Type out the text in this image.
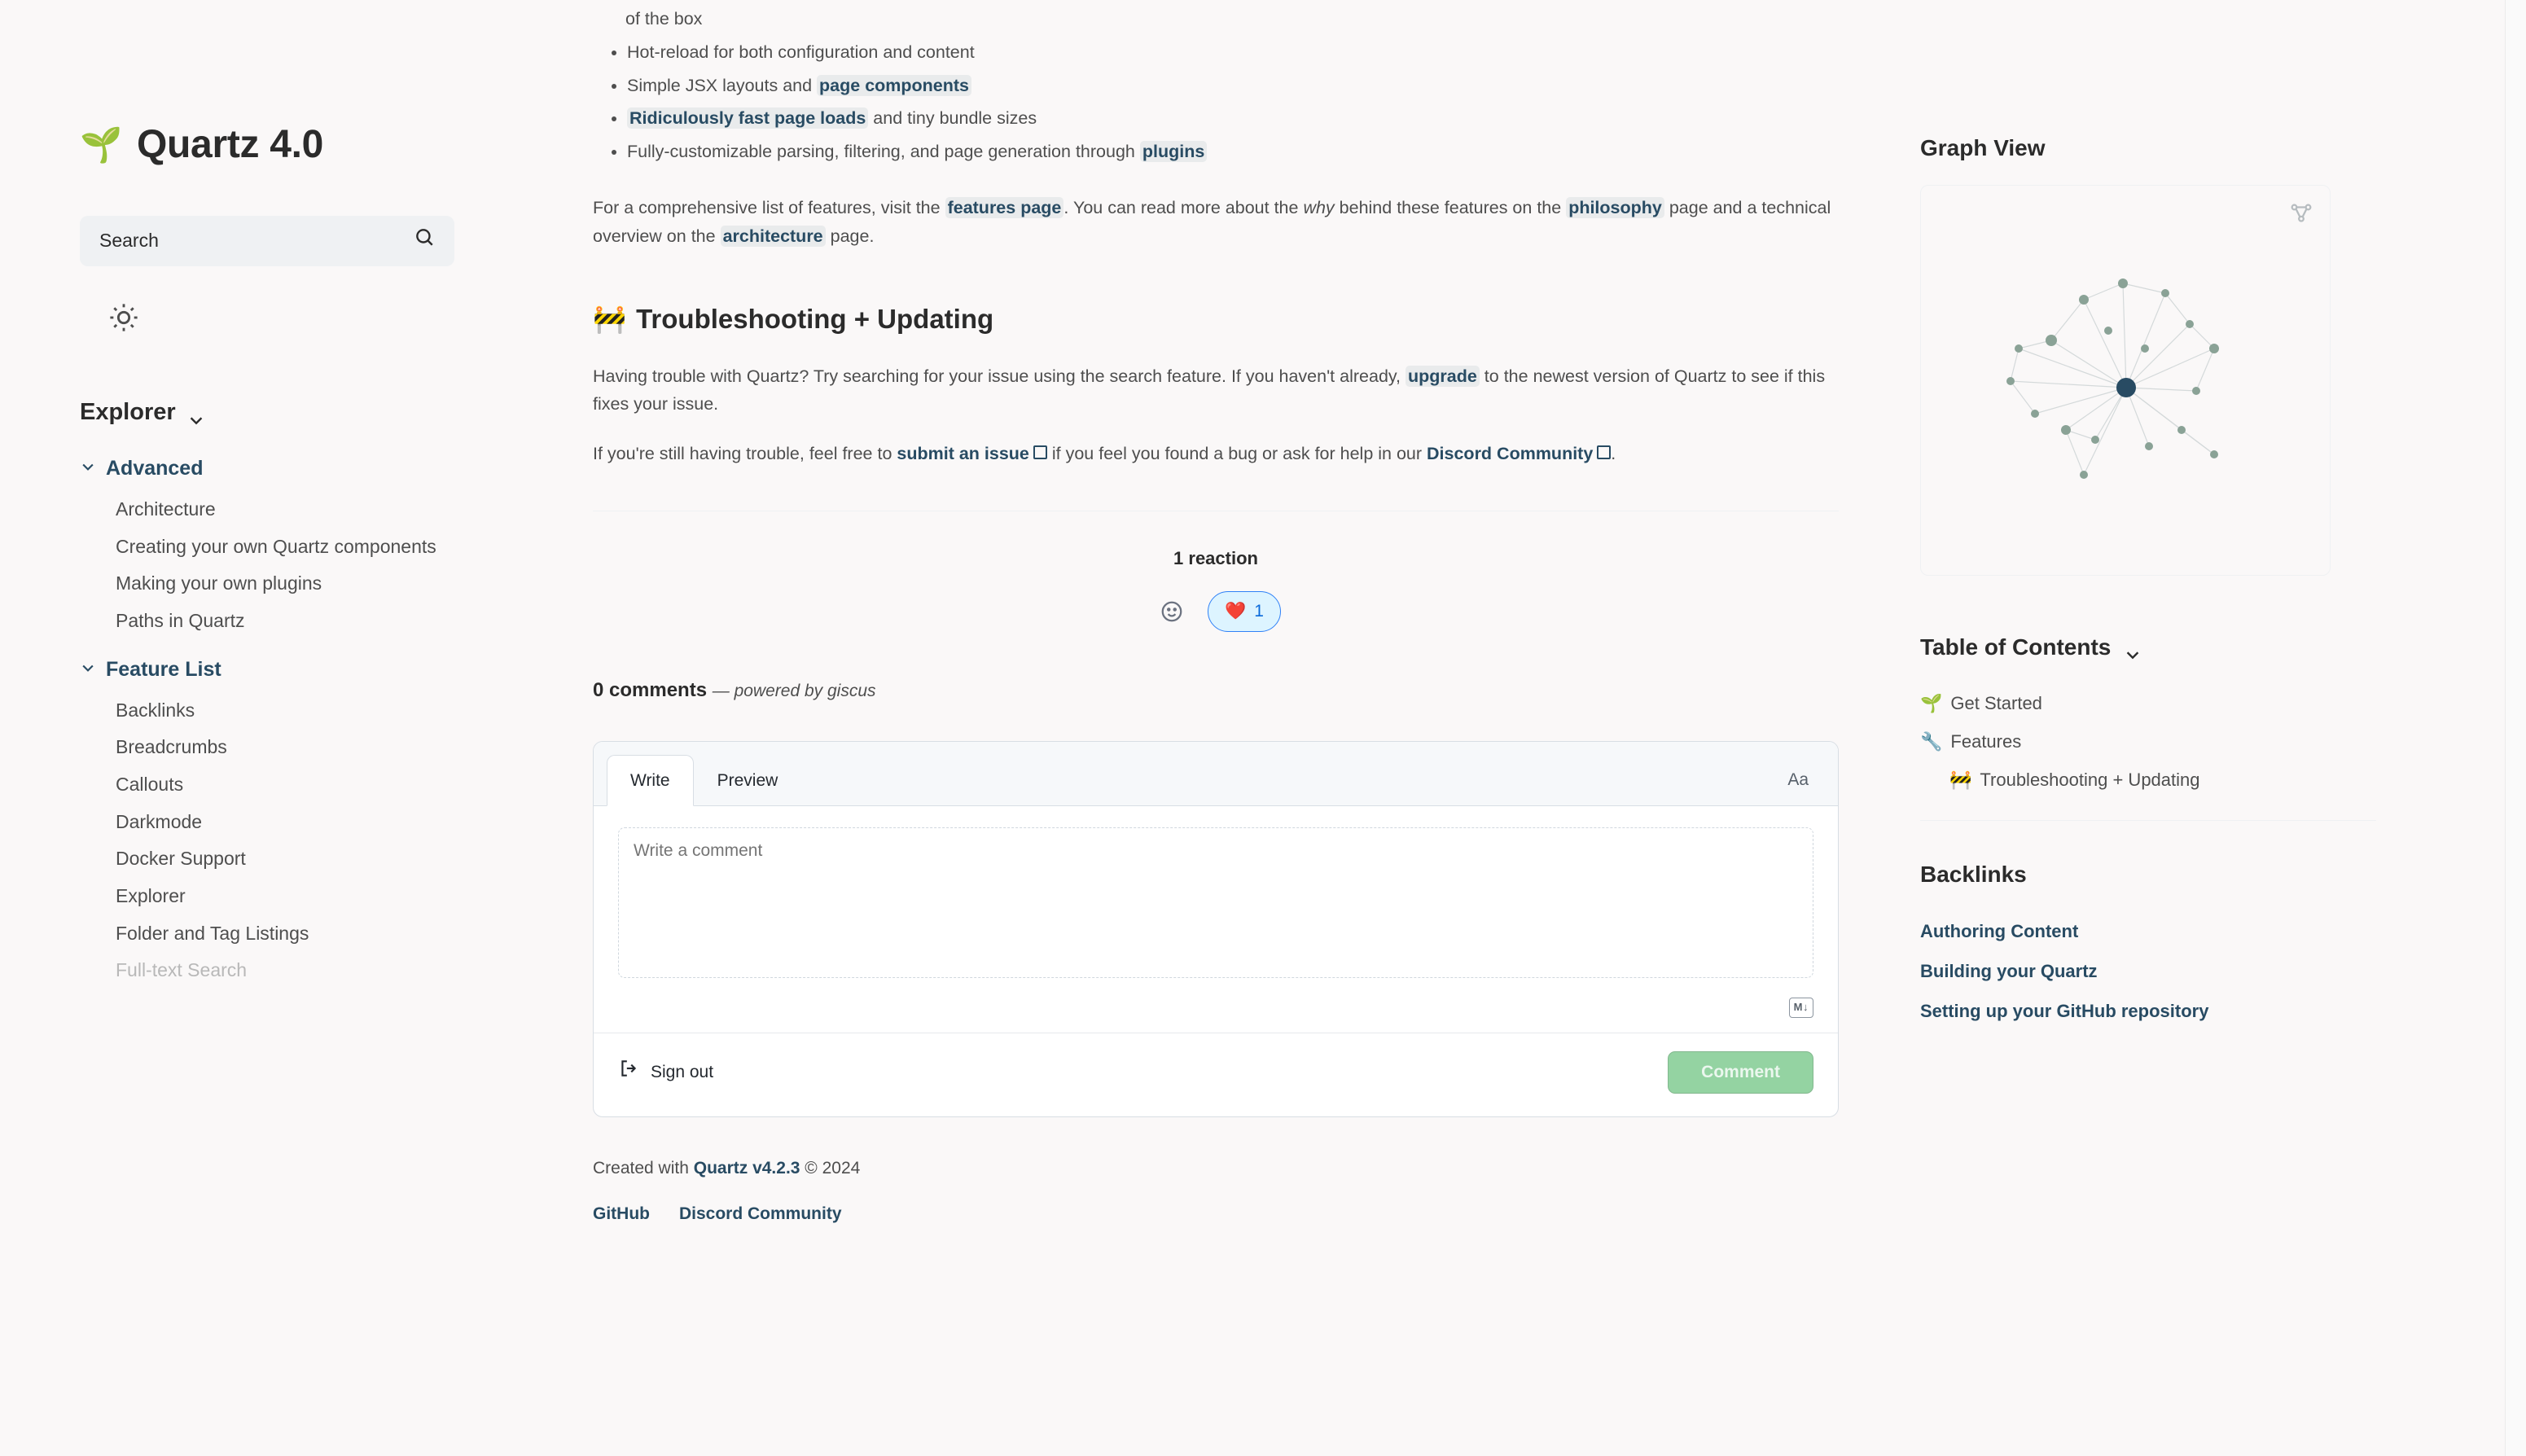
🌱 Quartz 4.0
Search
Explorer
Advanced
Architecture
Creating your own Quartz components
Making your own plugins
Paths in Quartz
Feature List
Backlinks
Breadcrumbs
Callouts
Darkmode
Docker Support
Explorer
Folder and Tag Listings
Full-text Search
of the box
• Hot-reload for both configuration and content
• Simple JSX layouts and page components
• Ridiculously fast page loads and tiny bundle sizes
• Fully-customizable parsing, filtering, and page generation through plugins

For a comprehensive list of features, visit the features page . You can read more about the why behind these features on the philosophy page and a technical overview on the architecture page.

🚧 Troubleshooting + Updating

Having trouble with Quartz? Try searching for your issue using the search feature. If you haven't already, upgrade to the newest version of Quartz to see if this fixes your issue.

If you're still having trouble, feel free to submit an issue if you feel you found a bug or ask for help in our Discord Community .

1 reaction
❤️ 1
0 comments — powered by giscus
Write	Preview	Aa
Write a comment
M↓
Sign out	Comment
Created with Quartz v4.2.3 © 2024
GitHub Discord Community
Graph View
Table of Contents
🌱 Get Started
🔧 Features
🚧 Troubleshooting + Updating
Backlinks
Authoring Content
Building your Quartz
Setting up your GitHub repository
